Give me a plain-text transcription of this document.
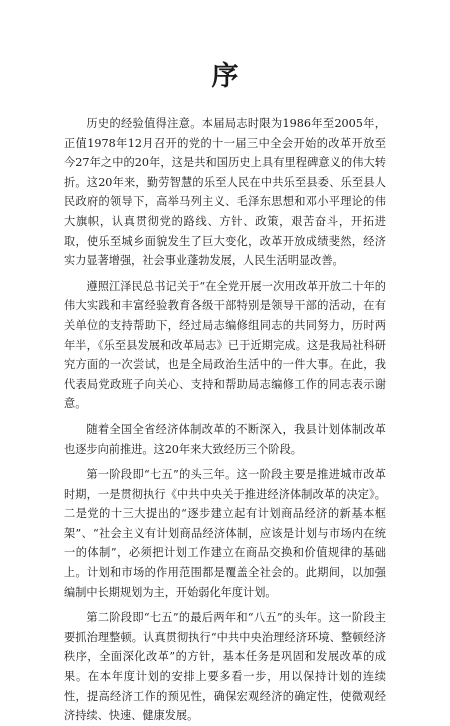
序

历史的经验值得注意。本届局志时限为1986年至2005年，正值1978年12月召开的党的十一届三中全会开始的改革开放至今27年之中的20年，这是共和国历史上具有里程碑意义的伟大转折。这20年来，勤劳智慧的乐至人民在中共乐至县委、乐至县人民政府的领导下，高举马列主义、毛泽东思想和邓小平理论的伟大旗帜，认真贯彻党的路线、方针、政策，艰苦奋斗，开拓进取，使乐至城乡面貌发生了巨大变化，改革开放成绩斐然，经济实力显著增强，社会事业蓬勃发展，人民生活明显改善。

遵照江泽民总书记关于“在全党开展一次用改革开放二十年的伟大实践和丰富经验教育各级干部特别是领导干部的活动，在有关单位的支持帮助下，经过局志编修组同志的共同努力，历时两年半，《乐至县发展和改革局志》已于近期完成。这是我局社科研究方面的一次尝试，也是全局政治生活中的一件大事。在此，我代表局党政班子向关心、支持和帮助局志编修工作的同志表示谢意。

随着全国全省经济体制改革的不断深入，我县计划体制改革也逐步向前推进。这20年来大致经历三个阶段。

第一阶段即“七五”的头三年。这一阶段主要是推进城市改革时期，一是贯彻执行《中共中央关于推进经济体制改革的决定》。二是党的十三大提出的“逐步建立起有计划商品经济的新基本框架”、“社会主义有计划商品经济体制，应该是计划与市场内在统一的体制”，必须把计划工作建立在商品交换和价值规律的基础上。计划和市场的作用范围都是覆盖全社会的。此期间，以加强编制中长期规划为主，开始弱化年度计划。

第二阶段即“七五”的最后两年和“八五”的头年。这一阶段主要抓治理整顿。认真贯彻执行“中共中央治理经济环境、整顿经济秩序，全面深化改革”的方针，基本任务是巩固和发展改革的成果。在本年度计划的安排上要多看一步，用以保持计划的连续性，提高经济工作的预见性，确保宏观经济的确定性，使微观经济持续、快速、健康发展。
